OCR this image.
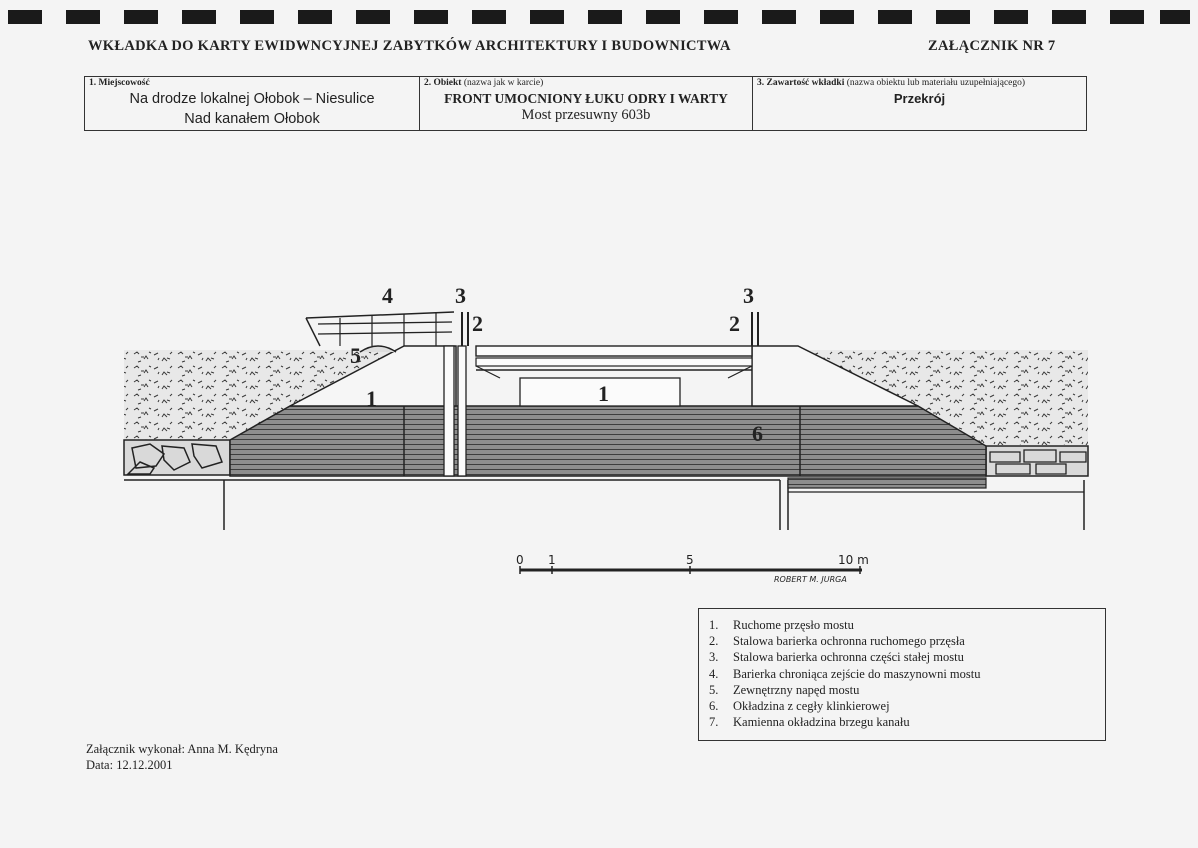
WKŁADKA DO KARTY EWIDWNCYJNEJ ZABYTKÓW ARCHITEKTURY I BUDOWNICTWA	ZAŁĄCZNIK NR 7
1. Miejscowość
Na drodze lokalnej Ołobok – Niesulice
Nad kanałem Ołobok

2. Obiekt (nazwa jak w karcie)
FRONT UMOCNIONY ŁUKU ODRY I WARTY
Most przesuwny 603b

3. Zawartość wkładki (nazwa obiektu lub materiału uzupełniającego)
Przekrój
4	3
2
3
2
5
1	1
6
0 1	5	10 m
ROBERT M. JURGA
1. Ruchome przęsło mostu
2. Stalowa barierka ochronna ruchomego przęsła
3. Stalowa barierka ochronna części stałej mostu
4. Barierka chroniąca zejście do maszynowni mostu
5. Zewnętrzny napęd mostu
6. Okładzina z cegły klinkierowej
7. Kamienna okładzina brzegu kanału
Załącznik wykonał: Anna M. Kędryna
Data: 12.12.2001
